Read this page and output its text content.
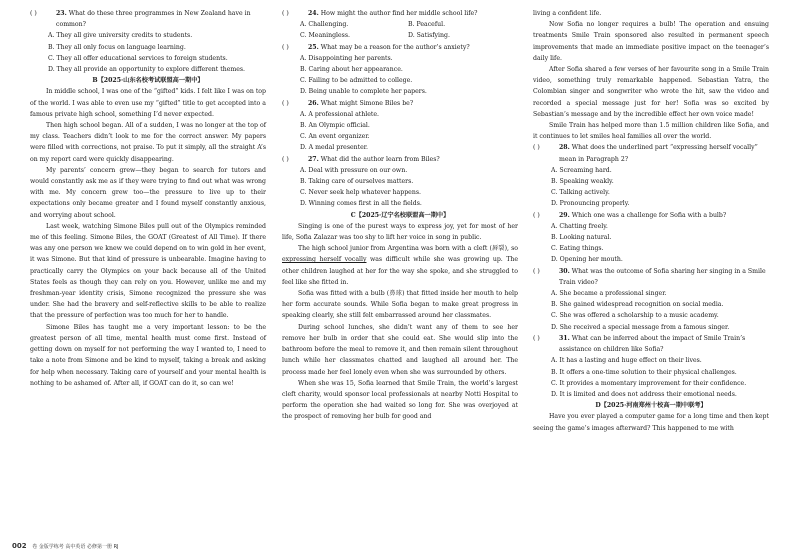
( )	23. What do these three programmes in New Zealand have in common?
A. They all give university credits to students.
B. They all only focus on language learning.
C. They all offer educational services to foreign students.
D. They all provide an opportunity to explore different themes.
B【2025·山东名校考试联盟高一期中】
In middle school, I was one of the “gifted” kids. I felt like I was on top of the world. I was able to even use my “gifted” title to get accepted into a famous private high school, something I’d never expected.
Then high school began. All of a sudden, I was no longer at the top of my class. Teachers didn’t look to me for the correct answer. My papers were filled with corrections, not praise. To put it simply, all the straight A’s on my report card were quickly disappearing.
My parents’ concern grew—they began to search for tutors and would constantly ask me as if they were trying to find out what was wrong with me. My concern grew too—the pressure to live up to their expectations only became greater and I found myself constantly anxious, and worrying about school.
Last week, watching Simone Biles pull out of the Olympics reminded me of this feeling. Simone Biles, the GOAT (Greatest of All Time). If there was any one person we knew we could depend on to win gold in her event, it was Simone. But that kind of pressure is unbearable. Imagine having to practically carry the Olympics on your back because all of the United States feels as though they can rely on you. However, unlike me and my freshman-year identity crisis, Simone recognized the pressure she was under. She had the bravery and self-reflective skills to be able to realize that the pressure of perfection was too much for her to handle.
Simone Biles has taught me a very important lesson: to be the greatest person of all time, mental health must come first. Instead of getting down on myself for not performing the way I wanted to, I need to take a note from Simone and be kind to myself, taking a break and asking for help when necessary. Taking care of yourself and your mental health is nothing to be ashamed of. After all, if GOAT can do it, so can we!
( )	24. How might the author find her middle school life?
A. Challenging.	B. Peaceful.
C. Meaningless.	D. Satisfying.
( )	25. What may be a reason for the author’s anxiety?
A. Disappointing her parents.
B. Caring about her appearance.
C. Failing to be admitted to college.
D. Being unable to complete her papers.
( )	26. What might Simone Biles be?
A. A professional athlete.
B. An Olympic official.
C. An event organizer.
D. A medal presenter.
( )	27. What did the author learn from Biles?
A. Deal with pressure on our own.
B. Taking care of ourselves matters.
C. Never seek help whatever happens.
D. Winning comes first in all the fields.
C【2025·辽宁名校联盟高一期中】
Singing is one of the purest ways to express joy, yet for most of her life, Sofia Zalazar was too shy to lift her voice in song in public.
The high school junior from Argentina was born with a cleft (唇裂), so expressing herself vocally was difficult while she was growing up. The other children laughed at her for the way she spoke, and she struggled to feel like she fitted in.
Sofia was fitted with a bulb (鼻球) that fitted inside her mouth to help her form accurate sounds. While Sofia began to make great progress in speaking clearly, she still felt embarrassed around her classmates.
During school lunches, she didn’t want any of them to see her remove her bulb in order that she could eat. She would slip into the bathroom before the meal to remove it, and then remain silent throughout lunch while her classmates chatted and laughed all around her. The process made her feel lonely even when she was surrounded by others.
When she was 15, Sofia learned that Smile Train, the world’s largest cleft charity, would sponsor local professionals at nearby Notti Hospital to perform the operation she had waited so long for. She was overjoyed at the prospect of removing her bulb for good and
living a confident life.
Now Sofia no longer requires a bulb! The operation and ensuing treatments Smile Train sponsored also resulted in permanent speech improvements that made an immediate positive impact on the teenager’s daily life.
After Sofia shared a few verses of her favourite song in a Smile Train video, something truly remarkable happened. Sebastian Yatra, the Colombian singer and songwriter who wrote the hit, saw the video and recorded a special message just for her! Sofia was so excited by Sebastian’s message and by the incredible effect her own voice made!
Smile Train has helped more than 1.5 million children like Sofia, and it continues to let smiles heal families all over the world.
( )	28. What does the underlined part “expressing herself vocally” mean in Paragraph 2?
A. Screaming hard.
B. Speaking weakly.
C. Talking actively.
D. Pronouncing properly.
( )	29. Which one was a challenge for Sofia with a bulb?
A. Chatting freely.
B. Looking natural.
C. Eating things.
D. Opening her mouth.
( )	30. What was the outcome of Sofia sharing her singing in a Smile Train video?
A. She became a professional singer.
B. She gained widespread recognition on social media.
C. She was offered a scholarship to a music academy.
D. She received a special message from a famous singer.
( )	31. What can be inferred about the impact of Smile Train’s assistance on children like Sofia?
A. It has a lasting and huge effect on their lives.
B. It offers a one-time solution to their physical challenges.
C. It provides a momentary improvement for their confidence.
D. It is limited and does not address their emotional needs.
D【2025·河南郑州十校高一期中联考】
Have you ever played a computer game for a long time and then kept seeing the game’s images afterward? This happened to me with
002 卷 金版学练考 高中英语 必修第一册 RJ
